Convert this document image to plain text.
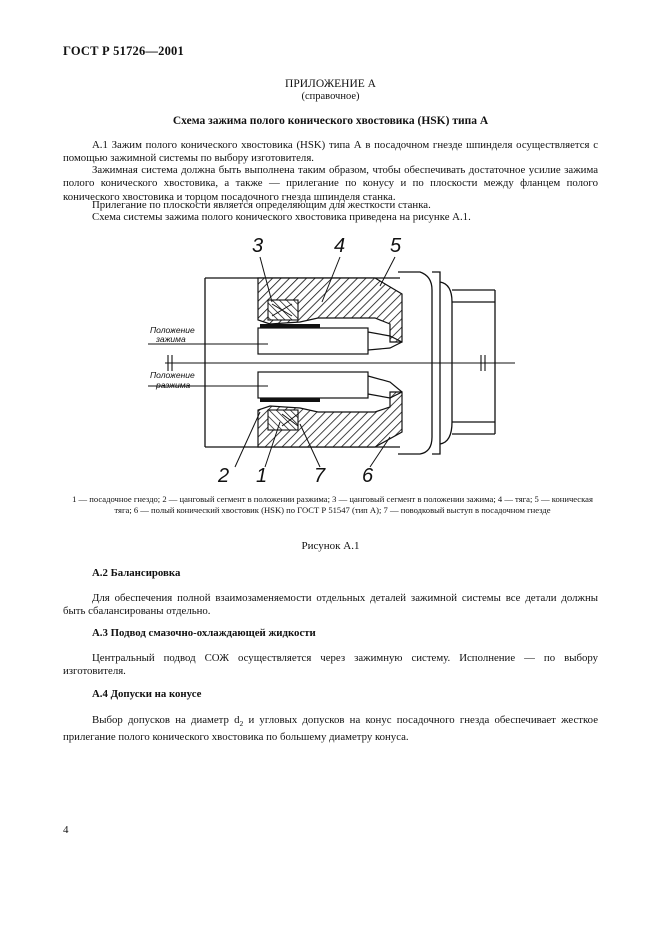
ГОСТ Р 51726—2001
ПРИЛОЖЕНИЕ А
(справочное)
Схема зажима полого конического хвостовика (HSK) типа А
А.1 Зажим полого конического хвостовика (HSK) типа А в посадочном гнезде шпинделя осуществляется с помощью зажимной системы по выбору изготовителя.
Зажимная система должна быть выполнена таким образом, чтобы обеспечивать достаточное усилие зажима полого конического хвостовика, а также — прилегание по конусу и по плоскости между фланцем полого конического хвостовика и торцом посадочного гнезда шпинделя станка.
Прилегание по плоскости является определяющим для жесткости станка.
Схема системы зажима полого конического хвостовика приведена на рисунке А.1.
3	4 5
2 1 7 6
Положение
зажима
Положение
разжима
1 — посадочное гнездо; 2 — цанговый сегмент в положении разжима; 3 — цанговый сегмент в положении зажима; 4 — тяга; 5 — коническая тяга; 6 — полый конический хвостовик (HSK) по ГОСТ Р 51547 (тип А); 7 — поводковый выступ в посадочном гнезде
Рисунок А.1
А.2 Балансировка
Для обеспечения полной взаимозаменяемости отдельных деталей зажимной системы все детали должны быть сбалансированы отдельно.
А.3 Подвод смазочно-охлаждающей жидкости
Центральный подвод СОЖ осуществляется через зажимную систему. Исполнение — по выбору изготовителя.
А.4 Допуски на конусе
Выбор допусков на диаметр $d_2$ и угловых допусков на конус посадочного гнезда обеспечивает жесткое прилегание полого конического хвостовика по большему диаметру конуса.
4
